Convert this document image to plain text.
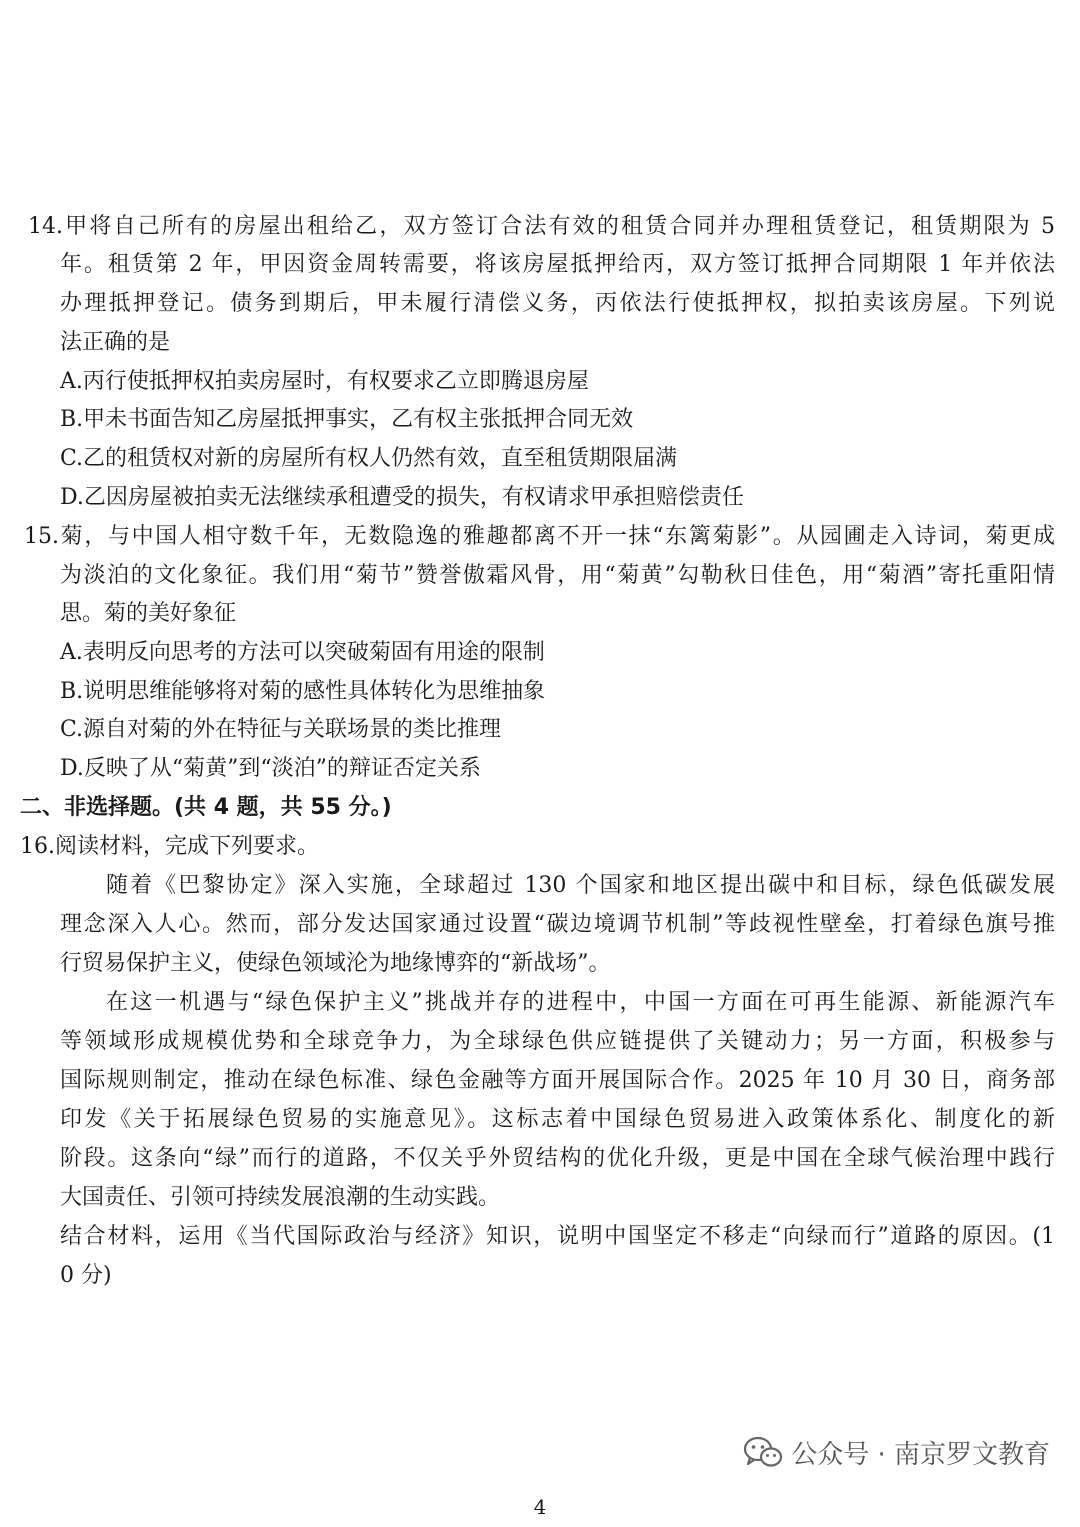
14.甲将自己所有的房屋出租给乙，双方签订合法有效的租赁合同并办理租赁登记，租赁期限为 5
年。租赁第 2 年，甲因资金周转需要，将该房屋抵押给丙，双方签订抵押合同期限 1 年并依法
办理抵押登记。债务到期后，甲未履行清偿义务，丙依法行使抵押权，拟拍卖该房屋。下列说
法正确的是
A.丙行使抵押权拍卖房屋时，有权要求乙立即腾退房屋
B.甲未书面告知乙房屋抵押事实，乙有权主张抵押合同无效
C.乙的租赁权对新的房屋所有权人仍然有效，直至租赁期限届满
D.乙因房屋被拍卖无法继续承租遭受的损失，有权请求甲承担赔偿责任
15.菊，与中国人相守数千年，无数隐逸的雅趣都离不开一抹“东篱菊影”。从园圃走入诗词，菊更成
为淡泊的文化象征。我们用“菊节”赞誉傲霜风骨，用“菊黄”勾勒秋日佳色，用“菊酒”寄托重阳情
思。菊的美好象征
A.表明反向思考的方法可以突破菊固有用途的限制
B.说明思维能够将对菊的感性具体转化为思维抽象
C.源自对菊的外在特征与关联场景的类比推理
D.反映了从“菊黄”到“淡泊”的辩证否定关系
二、非选择题。(共 4 题，共 55 分。)
16.阅读材料，完成下列要求。
随着《巴黎协定》深入实施，全球超过 130 个国家和地区提出碳中和目标，绿色低碳发展
理念深入人心。然而，部分发达国家通过设置“碳边境调节机制”等歧视性壁垒，打着绿色旗号推
行贸易保护主义，使绿色领域沦为地缘博弈的“新战场”。
在这一机遇与“绿色保护主义”挑战并存的进程中，中国一方面在可再生能源、新能源汽车
等领域形成规模优势和全球竞争力，为全球绿色供应链提供了关键动力；另一方面，积极参与
国际规则制定，推动在绿色标准、绿色金融等方面开展国际合作。2025 年 10 月 30 日，商务部
印发《关于拓展绿色贸易的实施意见》。这标志着中国绿色贸易进入政策体系化、制度化的新
阶段。这条向“绿”而行的道路，不仅关乎外贸结构的优化升级，更是中国在全球气候治理中践行
大国责任、引领可持续发展浪潮的生动实践。
结合材料，运用《当代国际政治与经济》知识，说明中国坚定不移走“向绿而行”道路的原因。(1
0 分)
公众号 · 南京罗文教育
4
